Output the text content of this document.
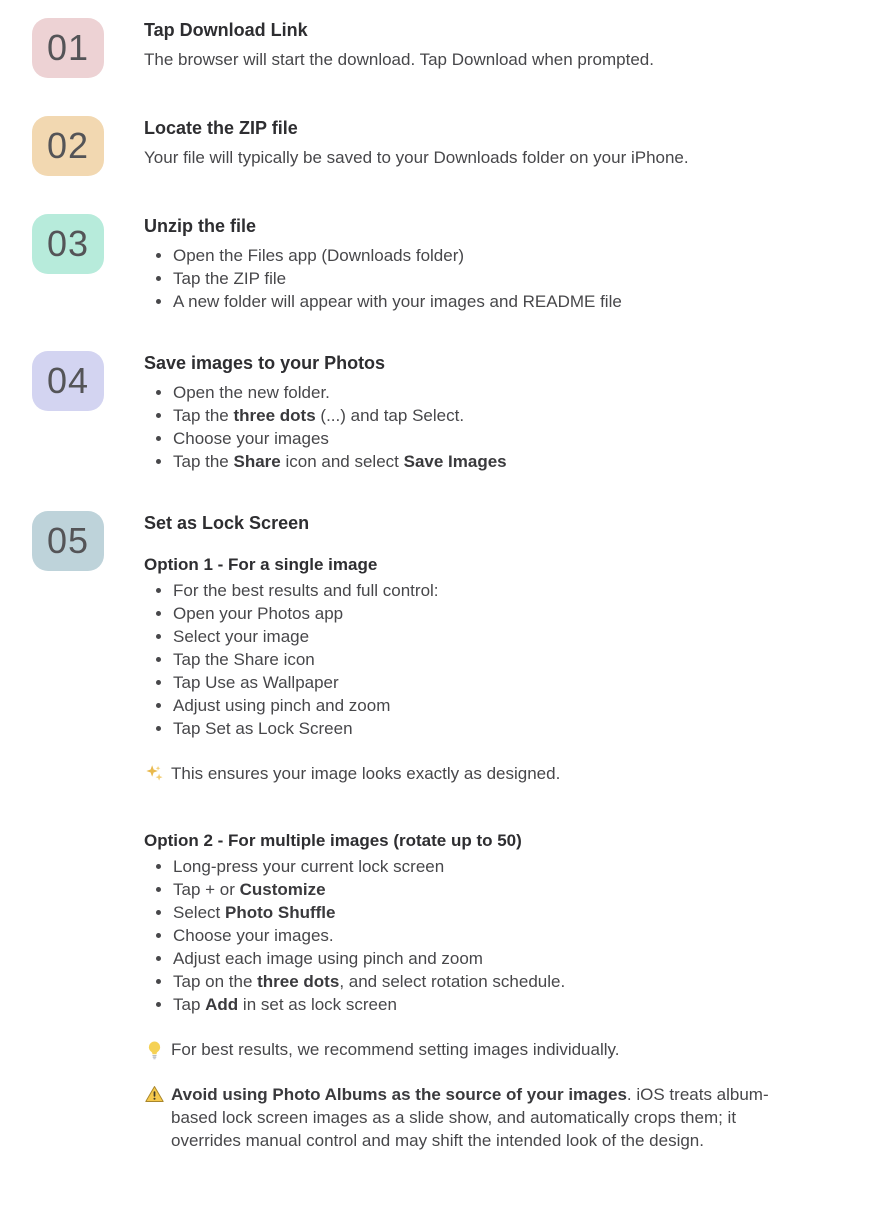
01	Tap Download Link

The browser will start the download. Tap Download when prompted.

02	Locate the ZIP file

Your file will typically be saved to your Downloads folder on your iPhone.

03	Unzip the file
• Open the Files app (Downloads folder)
• Tap the ZIP file
• A new folder will appear with your images and README file
04	Save images to your Photos
• Open the new folder.
• Tap the three dots (...) and tap Select.
• Choose your images
• Tap the Share icon and select Save Images
05	Set as Lock Screen

Option 1 - For a single image

• For the best results and full control:
• Open your Photos app
• Select your image
• Tap the Share icon
• Tap Use as Wallpaper
• Adjust using pinch and zoom
• Tap Set as Lock Screen
This ensures your image looks exactly as designed.

Option 2 - For multiple images (rotate up to 50)

• Long-press your current lock screen
• Tap + or Customize
• Select Photo Shuffle
• Choose your images.
• Adjust each image using pinch and zoom
• Tap on the three dots, and select rotation schedule.
• Tap Add in set as lock screen
For best results, we recommend setting images individually.
Avoid using Photo Albums as the source of your images. iOS treats album-based lock screen images as a slide show, and automatically crops them; it overrides manual control and may shift the intended look of the design.
